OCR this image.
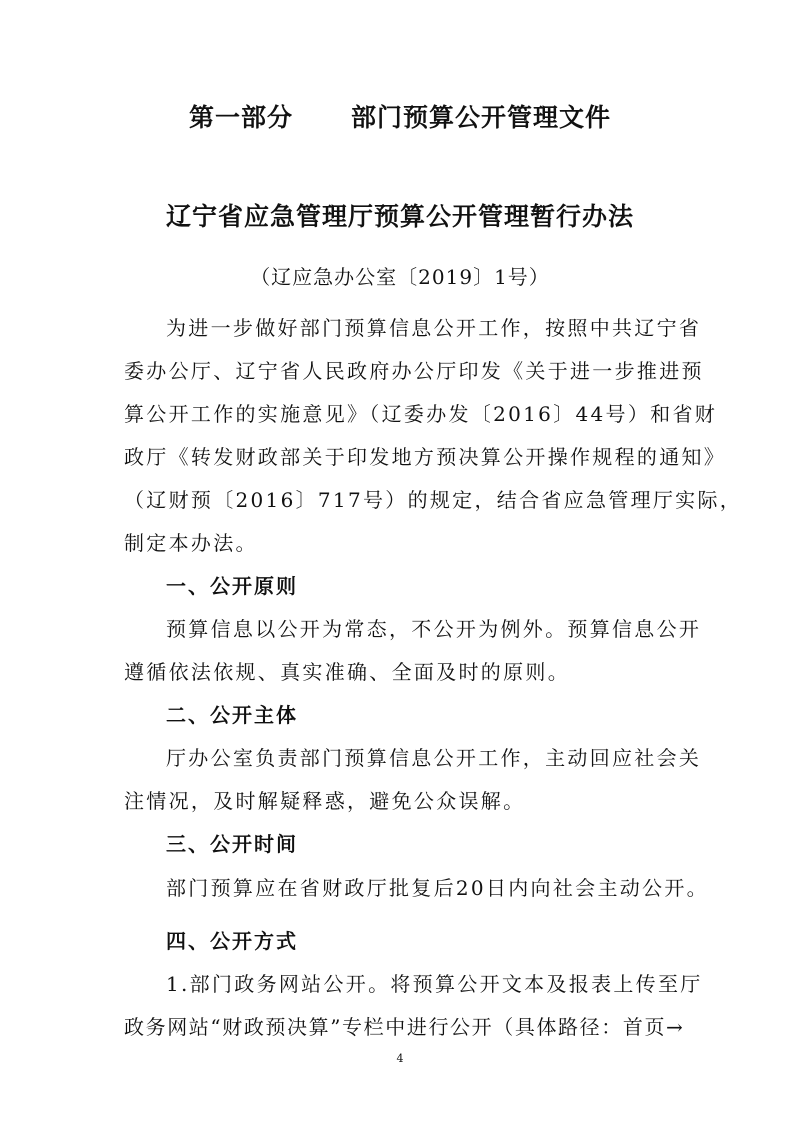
第一部分 部门预算公开管理文件
辽宁省应急管理厅预算公开管理暂行办法
（辽应急办公室〔2019〕1号）
为进一步做好部门预算信息公开工作，按照中共辽宁省
委办公厅、辽宁省人民政府办公厅印发《关于进一步推进预
算公开工作的实施意见》（辽委办发〔2016〕44号）和省财
政厅《转发财政部关于印发地方预决算公开操作规程的通知》
（辽财预〔2016〕717号）的规定，结合省应急管理厅实际，
制定本办法。
一、公开原则
预算信息以公开为常态，不公开为例外。预算信息公开
遵循依法依规、真实准确、全面及时的原则。
二、公开主体
厅办公室负责部门预算信息公开工作，主动回应社会关
注情况，及时解疑释惑，避免公众误解。
三、公开时间
部门预算应在省财政厅批复后20日内向社会主动公开。
四、公开方式
1.部门政务网站公开。将预算公开文本及报表上传至厅
政务网站“财政预决算”专栏中进行公开（具体路径：首页→
4
